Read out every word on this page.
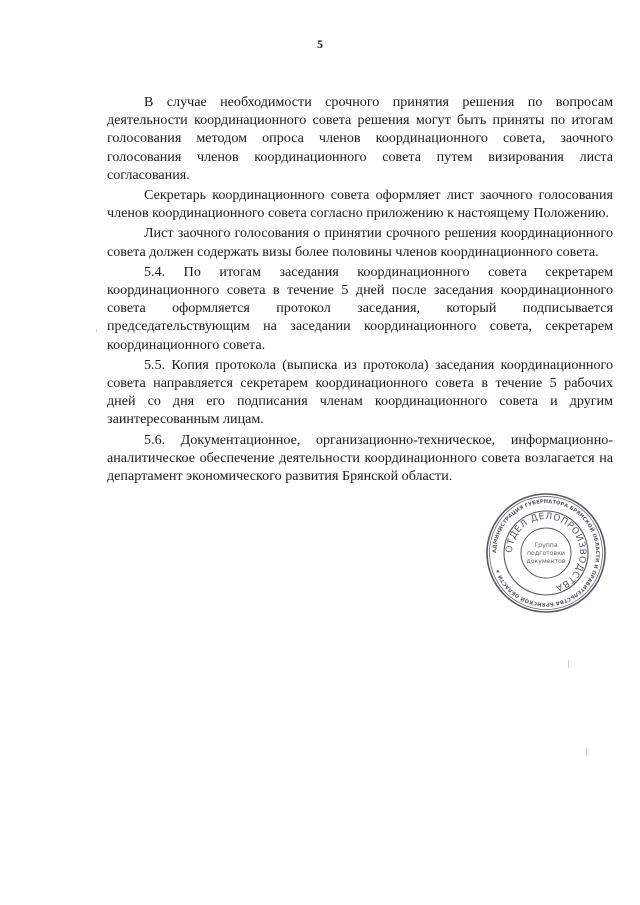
5

В случае необходимости срочного принятия решения по вопросам деятельности координационного совета решения могут быть приняты по итогам голосования методом опроса членов координационного совета, заочного голосования членов координационного совета путем визирования листа согласования.

Секретарь координационного совета оформляет лист заочного голосования членов координационного совета согласно приложению к настоящему Положению.

Лист заочного голосования о принятии срочного решения координационного совета должен содержать визы более половины членов координационного совета.

5.4. По итогам заседания координационного совета секретарем координационного совета в течение 5 дней после заседания координационного совета оформляется протокол заседания, который подписывается председательствующим на заседании координационного совета, секретарем координационного совета.

5.5. Копия протокола (выписка из протокола) заседания координационного совета направляется секретарем координационного совета в течение 5 рабочих дней со дня его подписания членам координационного совета и другим заинтересованным лицам.

5.6. Документационное, организационно-техническое, информационно-аналитическое обеспечение деятельности координационного совета возлагается на департамент экономического развития Брянской области.

АДМИНИСТРАЦИЯ ГУБЕРНАТОРА БРЯНСКОЙ ОБЛАСТИ И ПРАВИТЕЛЬСТВА БРЯНСКОЙ ОБЛАСТИ ★
ОТДЕЛ ДЕЛОПРОИЗВОДСТВА
Группа
подготовки
документов
